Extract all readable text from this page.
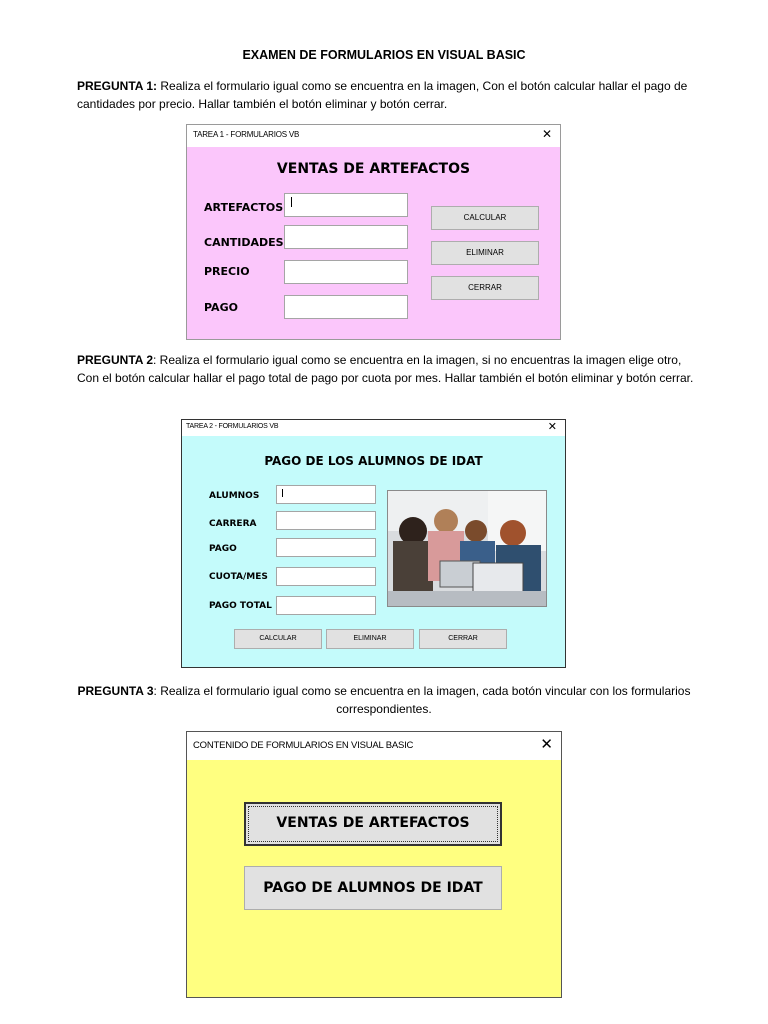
EXAMEN DE FORMULARIOS EN VISUAL BASIC
PREGUNTA 1: Realiza el formulario igual como se encuentra en la imagen, Con el botón calcular hallar el pago de cantidades por precio. Hallar también el botón eliminar y botón cerrar.
TAREA 1 - FORMULARIOS VB	✕
VENTAS DE ARTEFACTOS
ARTEFACTOS
CANTIDADES
PRECIO
PAGO
CALCULAR
ELIMINAR
CERRAR
PREGUNTA 2: Realiza el formulario igual como se encuentra en la imagen, si no encuentras la imagen elige otro, Con el botón calcular hallar el pago total de pago por cuota por mes. Hallar también el botón eliminar y botón cerrar.
TAREA 2 - FORMULARIOS VB	✕
PAGO DE LOS ALUMNOS DE IDAT
ALUMNOS
CARRERA
PAGO
CUOTA/MES
PAGO TOTAL
CALCULAR	ELIMINAR	CERRAR
PREGUNTA 3: Realiza el formulario igual como se encuentra en la imagen, cada botón vincular con los formularios correspondientes.
CONTENIDO DE FORMULARIOS EN VISUAL BASIC	✕
VENTAS DE ARTEFACTOS
PAGO DE ALUMNOS DE IDAT
